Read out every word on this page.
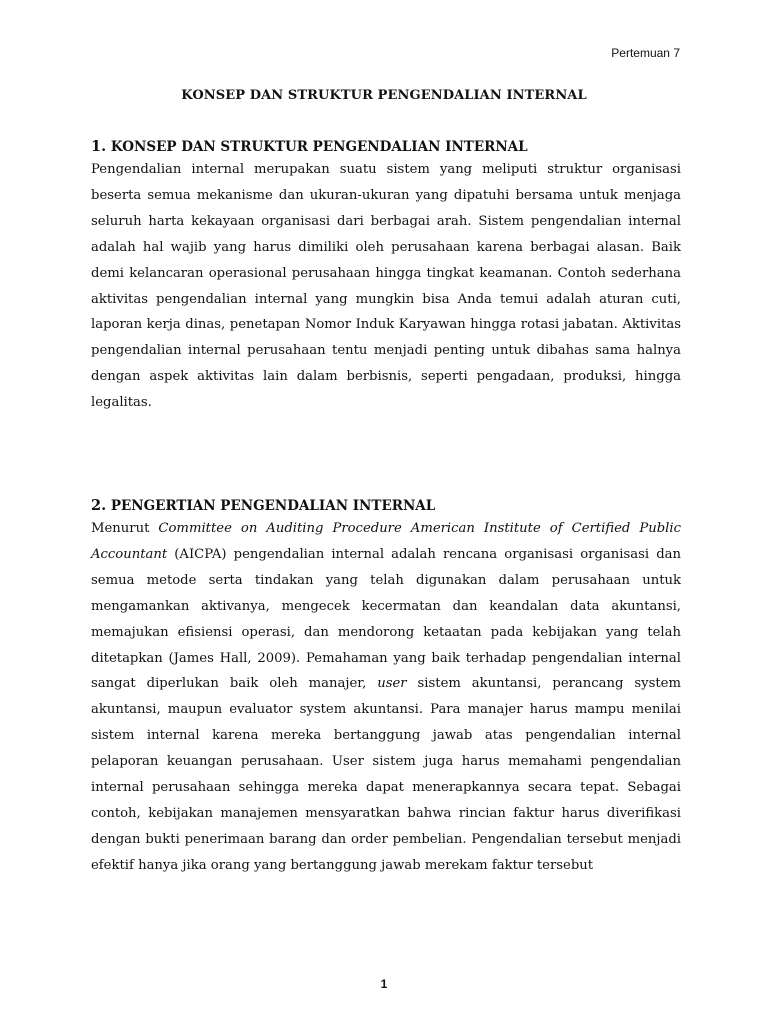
Pertemuan 7
KONSEP DAN STRUKTUR PENGENDALIAN INTERNAL
1. KONSEP DAN STRUKTUR PENGENDALIAN INTERNAL

Pengendalian internal merupakan suatu sistem yang meliputi struktur organisasi beserta semua mekanisme dan ukuran-ukuran yang dipatuhi bersama untuk menjaga seluruh harta kekayaan organisasi dari berbagai arah. Sistem pengendalian internal adalah hal wajib yang harus dimiliki oleh perusahaan karena berbagai alasan. Baik demi kelancaran operasional perusahaan hingga tingkat keamanan. Contoh sederhana aktivitas pengendalian internal yang mungkin bisa Anda temui adalah aturan cuti, laporan kerja dinas, penetapan Nomor Induk Karyawan hingga rotasi jabatan. Aktivitas pengendalian internal perusahaan tentu menjadi penting untuk dibahas sama halnya dengan aspek aktivitas lain dalam berbisnis, seperti pengadaan, produksi, hingga legalitas.

2. PENGERTIAN PENGENDALIAN INTERNAL

Menurut Committee on Auditing Procedure American Institute of Certified Public Accountant (AICPA) pengendalian internal adalah rencana organisasi organisasi dan semua metode serta tindakan yang telah digunakan dalam perusahaan untuk mengamankan aktivanya, mengecek kecermatan dan keandalan data akuntansi, memajukan efisiensi operasi, dan mendorong ketaatan pada kebijakan yang telah ditetapkan (James Hall, 2009). Pemahaman yang baik terhadap pengendalian internal sangat diperlukan baik oleh manajer, user sistem akuntansi, perancang system akuntansi, maupun evaluator system akuntansi. Para manajer harus mampu menilai sistem internal karena mereka bertanggung jawab atas pengendalian internal pelaporan keuangan perusahaan. User sistem juga harus memahami pengendalian internal perusahaan sehingga mereka dapat menerapkannya secara tepat. Sebagai contoh, kebijakan manajemen mensyaratkan bahwa rincian faktur harus diverifikasi dengan bukti penerimaan barang dan order pembelian. Pengendalian tersebut menjadi efektif hanya jika orang yang bertanggung jawab merekam faktur tersebut

1
